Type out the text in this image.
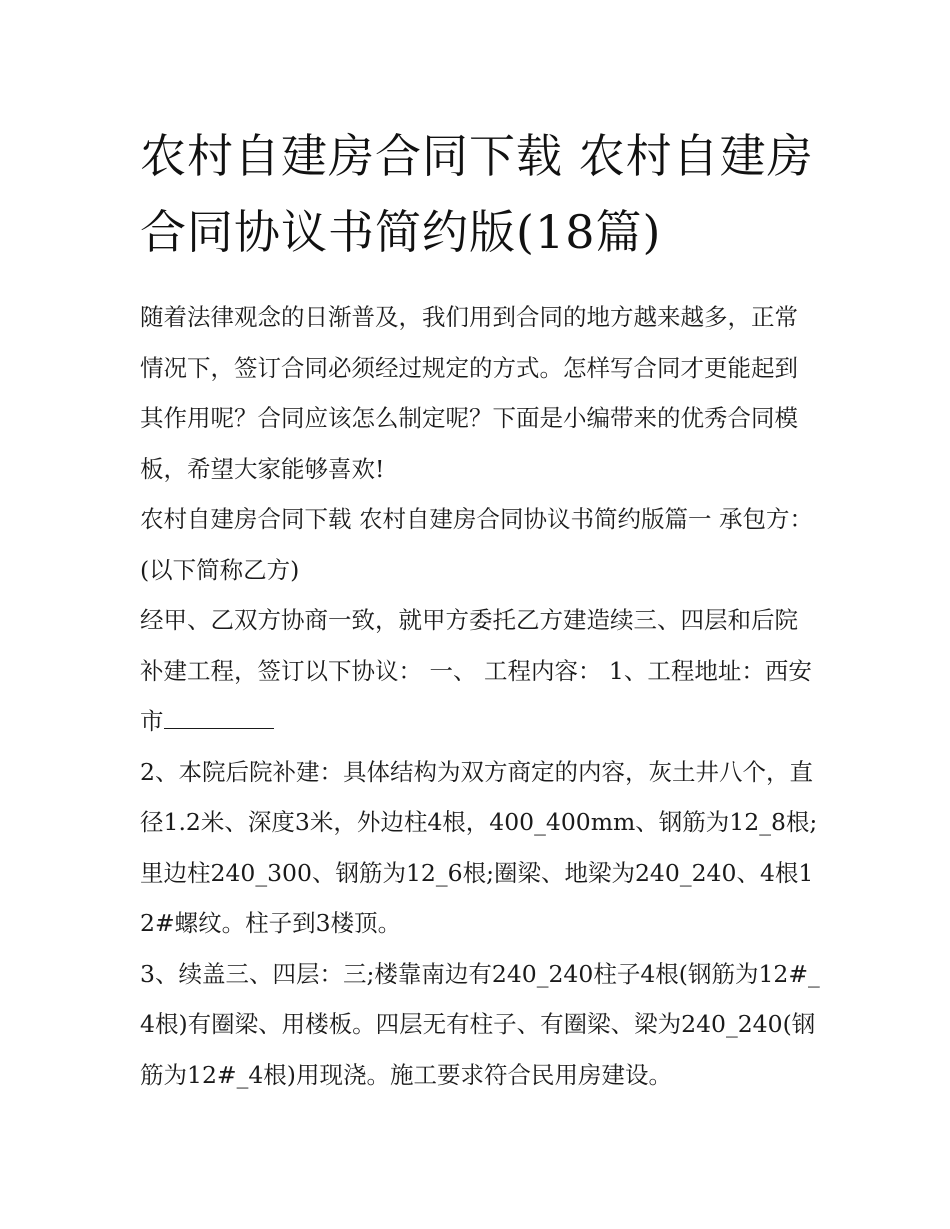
农村自建房合同下载 农村自建房合同协议书简约版(18篇)

随着法律观念的日渐普及，我们用到合同的地方越来越多，正常情况下，签订合同必须经过规定的方式。怎样写合同才更能起到其作用呢？合同应该怎么制定呢？下面是小编带来的优秀合同模板，希望大家能够喜欢!

农村自建房合同下载 农村自建房合同协议书简约版篇一 承包方：(以下简称乙方)

经甲、乙双方协商一致，就甲方委托乙方建造续三、四层和后院补建工程，签订以下协议： 一、 工程内容： 1、工程地址：西安市

2、本院后院补建：具体结构为双方商定的内容，灰土井八个，直径1.2米、深度3米，外边柱4根，400_400mm、钢筋为12_8根;里边柱240_300、钢筋为12_6根;圈梁、地梁为240_240、4根12#螺纹。柱子到3楼顶。

3、续盖三、四层：三;楼靠南边有240_240柱子4根(钢筋为12#_4根)有圈梁、用楼板。四层无有柱子、有圈梁、梁为240_240(钢筋为12#_4根)用现浇。施工要求符合民用房建设。
